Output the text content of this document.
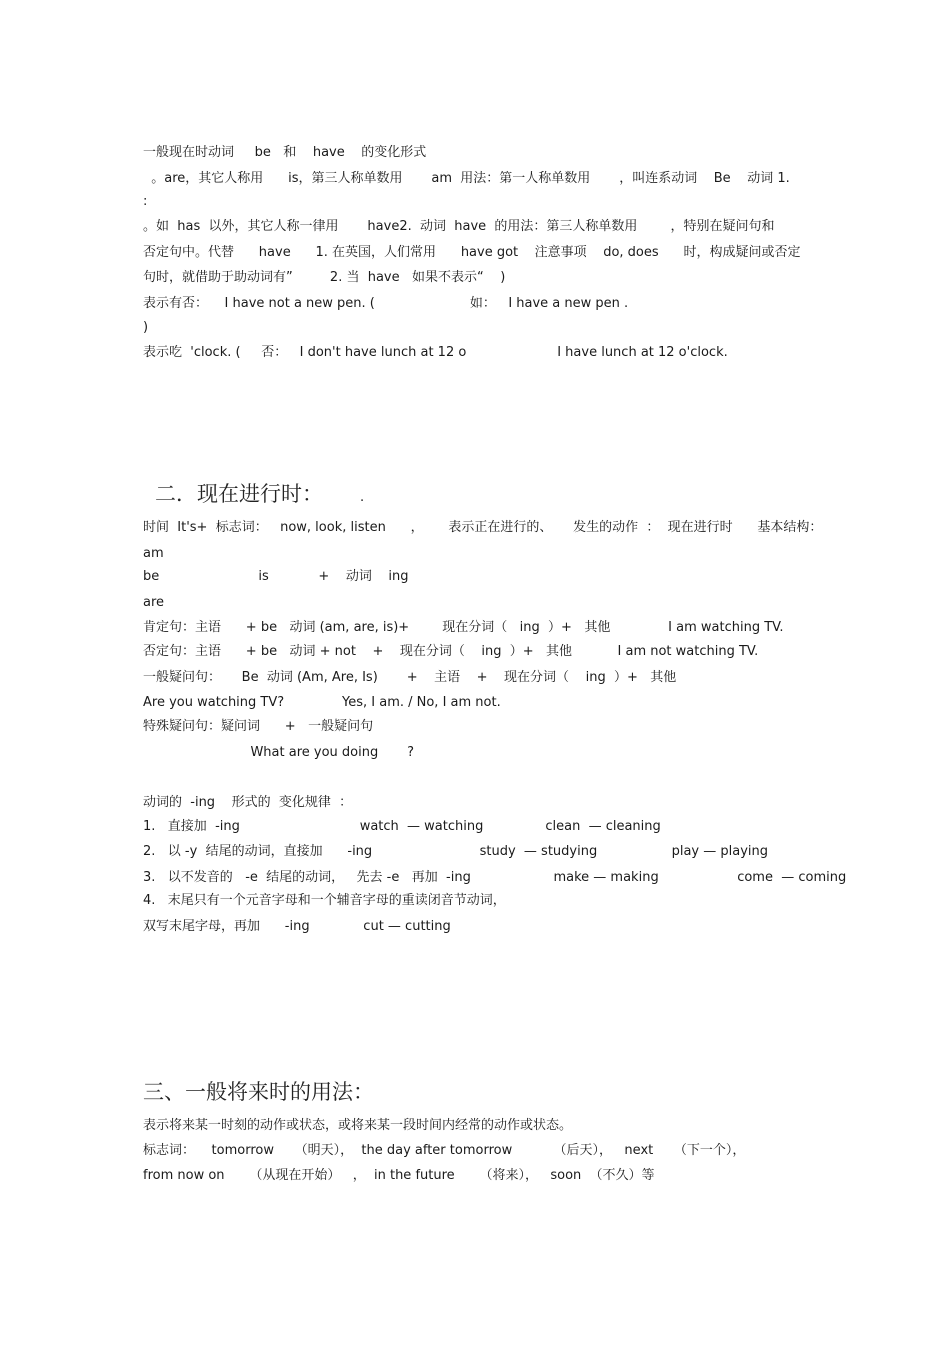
一般现在时动词     be   和    have    的变化形式
。are，其它人称用      is，第三人称单数用       am  用法：第一人称单数用       ，叫连系动词    Be    动词 1.
:
。如  has  以外，其它人称一律用       have2.  动词  have  的用法：第三人称单数用        ，特别在疑问句和
否定句中。代替      have      1. 在英国，人们常用      have got    注意事项    do, does      时，构成疑问或否定
句时，就借助于助动词有”         2. 当  have   如果不表示“    )
表示有否：    I have not a new pen. (                       如：   I have a new pen .
)
表示吃  'clock. (     否：   I don't have lunch at 12 o                      I have lunch at 12 o'clock.
二．现在进行时：	.
时间  It's+  标志词：   now, look, listen      ，      表示正在进行的、     发生的动作  ：  现在进行时      基本结构：
am
be                        is            +    动词    ing
are
肯定句：主语      + be   动词 (am, are, is)+        现在分词（   ing  ）+   其他              I am watching TV.
否定句：主语      + be   动词 + not    +    现在分词（    ing  ）+   其他           I am not watching TV.
一般疑问句：     Be  动词 (Am, Are, Is)       +    主语    +    现在分词（    ing  ）+   其他
Are you watching TV?              Yes, I am. / No, I am not.
特殊疑问句：疑问词      +   一般疑问句
What are you doing       ?
动词的  -ing    形式的  变化规律  ：
1.   直接加  -ing                             watch  — watching               clean  — cleaning
2.   以 -y  结尾的动词，直接加      -ing                          study  — studying                  play — playing
3.   以不发音的   -e  结尾的动词，   先去 -e   再加  -ing                    make — making                   come  — coming
4.   末尾只有一个元音字母和一个辅音字母的重读闭音节动词，
双写末尾字母，再加      -ing             cut — cutting
三、一般将来时的用法：
表示将来某一时刻的动作或状态，或将来某一段时间内经常的动作或状态。
标志词：    tomorrow     （明天），  the day after tomorrow          （后天），   next     （下一个），
from now on      （从现在开始）   ，  in the future      （将来），   soon  （不久）等
